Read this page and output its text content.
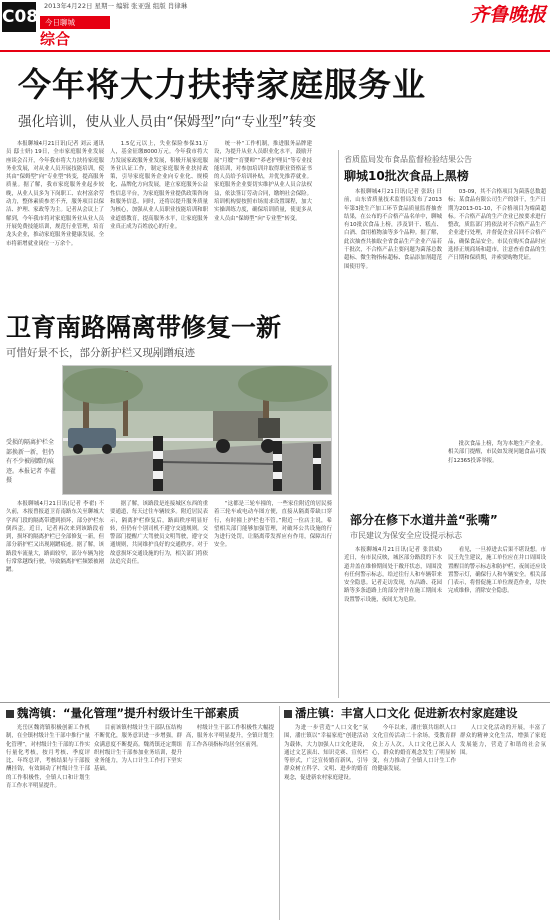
C08
2013年4月22日 星期一 编辑 张亚强 组版 肖律琳
今日聊城
综合
齐鲁晚报
今年将大力扶持家庭服务业
强化培训，使从业人员由“保姆型”向“专业型”转变

本报聊城4月21日讯(记者 刘云 通讯员 邸士妍) 19日，全市家庭服务业发展座谈会召开，今年我市将大力扶持家庭服务业发展，对从业人员开展技能培训，使其由“保姆型”向“专业型”转变，提高服务质量。据了解，我市家庭服务业起步较晚，从业人员多为下岗职工、农村富余劳动力，整体素质参差不齐，服务项目以保洁、护理、家政等为主。记者从会议上了解到，今年我市将对家庭服务业从业人员开展免费技能培训，规范行业管理，培育龙头企业，推动家庭服务业健康发展，全市将新增就业岗位一万余个。

1.5亿元以上，失业保险参保31万人，基金征缴8000万元。今年我市将大力发展家政服务业发展，积极开展家庭服务业认证工作，制定家庭服务业扶持政策，引导家庭服务企业向专业化、规模化、品牌化方向发展，建立家庭服务公益性信息平台，为家庭服务业提供政策咨询和服务信息。同时，还将以提升服务质量为核心，加强从业人员职业技能培训和职业道德教育，提高服务水平，让家庭服务业真正成为百姓放心的行业。

统一补“工作机制，推进服务品牌建设，为提升从业人员职业化水平，鼓励开展“月嫂”“育婴师”“养老护理员”等专业技能培训，对参加培训并取得职业资格证书的人员给予培训补贴，并优先推荐就业。家庭服务企业要切实维护从业人员合法权益，依法签订劳动合同，缴纳社会保险。培训机构要按照市场需求设置课程，加大实操训练力度，确保培训质量，使更多从业人员由“保姆型”向“专业型”转变。

卫育南路隔离带修复一新
可惜好景不长，部分新护栏又现剐蹭痕迹
受损的隔离护栏全部换新一新，但仍有不少被剐蹭的痕迹。本报记者 李翟 摄

本报聊城4月21日讯(记者 李翟) 不久前，本报曾报道卫育南路东关至聊城大学西门段的隔离带遭到损坏，部分护栏东倒西歪。近日，记者再次来到该路段看到，损坏的隔离护栏已全部修复一新，但部分新护栏又出现剐蹭痕迹。据了解，该路段车流量大，路面较窄，部分车辆为抢行常常越线行驶，导致隔离护栏频繁被剐蹭。

据了解，该路段是连接城区东西的重要通道，每天过往车辆较多。附近居民表示，隔离护栏修复后，路面秩序明显好转，但仍有个别司机不遵守交通规则。交警部门提醒广大驾驶员文明驾驶，遵守交通规则，共同维护良好的交通秩序。对于故意损坏交通设施的行为，相关部门将依法追究责任。

“这都是三轮车撞的，一些家住附近的居民骑着三轮车或电动车图方便，直接从隔离带缺口穿行，有时撞上护栏也不管。”附近一位店主说，希望相关部门能够加强管理，对破坏公共设施的行为进行处罚，让隔离带发挥应有作用，保障出行安全。

省质监局发布食品监督检验结果公告
聊城10批次食品上黑榜

本报聊城4月21日讯(记者 张跃) 日前，山东省质量技术监督局发布了2013年第3批生产加工环节食品质量监督抽查结果，在公布的不合格产品名单中，聊城有10批次食品上榜，涉及饼干、糕点、白酒、食用植物油等多个品种。据了解，此次抽查共抽取全省食品生产企业产品若干批次，不合格产品主要问题为菌落总数超标、微生物指标超标、食品添加剂超范围使用等。

03-09，其不合格项目为菌落总数超标；某食品有限公司生产的饼干，生产日期为2013-01-10，不合格项目为霉菌超标。不合格产品的生产企业已按要求进行整改，质监部门将依法对不合格产品生产企业进行处理，并督促企业召回不合格产品，确保食品安全。市民在购买食品时应选择正规商场和超市，注意查看食品的生产日期和保质期，并索要购物凭证。

批次食品上榜，均为本地生产企业。相关部门提醒，市民如发现问题食品可拨打12365投诉举报。

部分在修下水道井盖“张嘴”
市民建议为保安全应设提示标志

本报聊城4月21日讯(记者 张洪斌) 近日，有市民反映，城区部分路段的下水道井盖在维修期间处于敞开状态，周围没有任何警示标志，给过往行人和车辆带来安全隐患。记者走访发现，东昌路、花园路等多条道路上的部分窨井在施工期间未设置警示设施，夜间尤为危险。

看见，一旦掉进去后果不堪设想。市民王先生建议，施工单位应在井口周围设置醒目的警示标志和防护栏，夜间还应设置警示灯，确保行人和车辆安全。相关部门表示，将督促施工单位规范作业，尽快完成维修，消除安全隐患。

魏湾镇：“量化管理”提升村级计生干部素质

光岳区魏湾镇积极创新工作机制，在全镇村级计生干部中推行“量化管理”，对村级计生干部的工作实行量化考核，按月考核、季度评比、年终总评，考核结果与干部报酬挂钩，有效调动了村级计生干部的工作积极性，全镇人口和计划生育工作水平明显提升。

目前该镇村级计生干部队伍结构不断优化，服务意识进一步增强，群众满意度不断提高。魏湾镇还定期组织村级计生干部参加业务培训，提升业务能力，为人口计生工作打下坚实基础。

村级计生干部工作积极性大幅提高，服务水平明显提升，全镇计划生育工作各项指标均居全区前列。

潘庄镇：丰富人口文化 促进新农村家庭建设

为进一步营造“人口文化”氛围，潘庄镇以“幸福家庭”创建活动为载体，大力加强人口文化建设，通过文艺演出、知识竞赛、宣传栏等形式，广泛宣传婚育新风，引导群众树立科学、文明、进步的婚育观念，促进新农村家庭建设。

今年以来，潘庄镇共组织人口文化宣传活动二十余场，受教育群众上万人次，人口文化已深入人心，群众的婚育观念发生了明显转变，有力推动了全镇人口计生工作的健康发展。

人口文化活动的开展，丰富了群众的精神文化生活，增强了家庭发展能力，营造了和谐的社会氛围。
